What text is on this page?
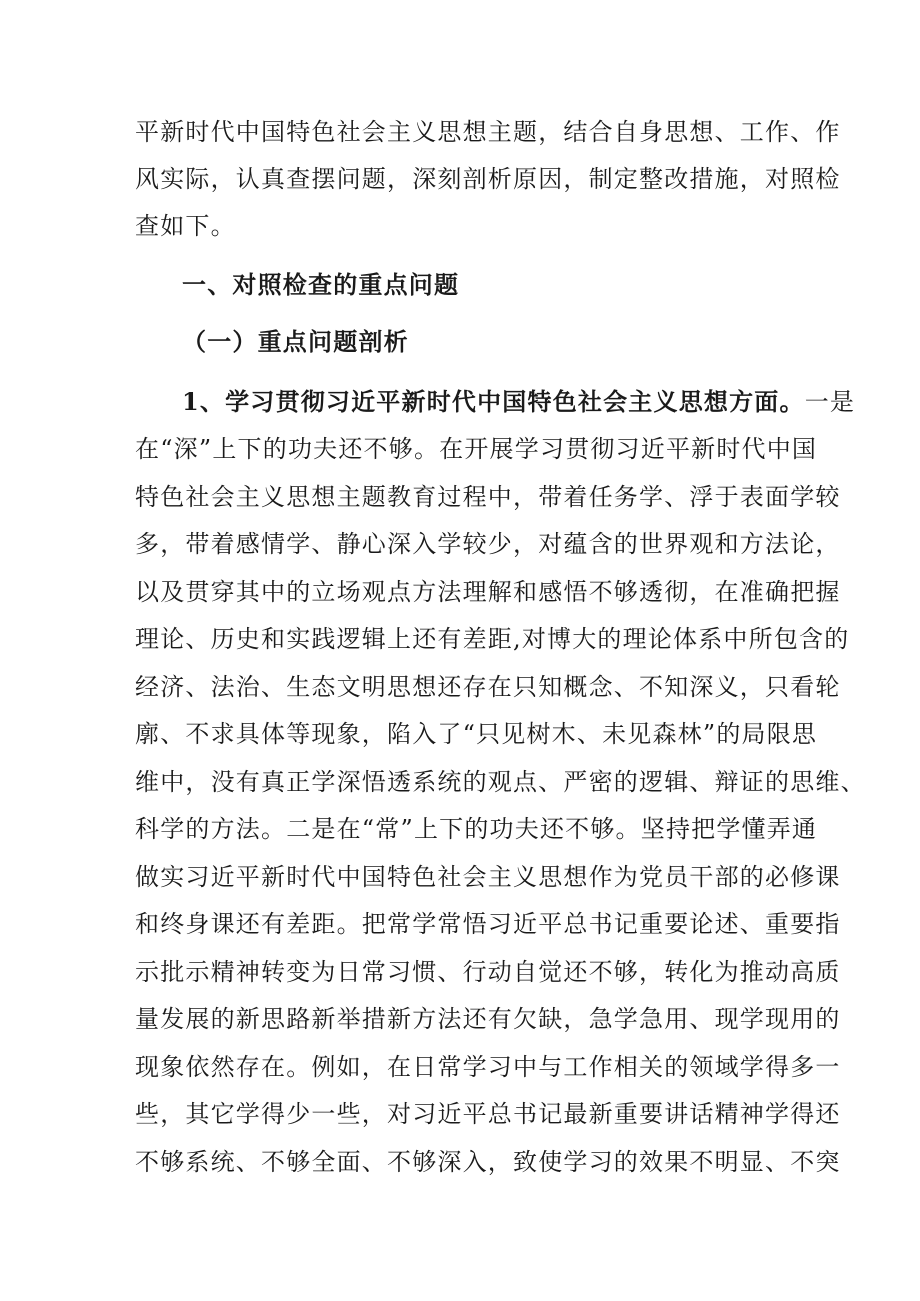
平新时代中国特色社会主义思想主题，结合自身思想、工作、作
风实际，认真查摆问题，深刻剖析原因，制定整改措施，对照检
查如下。
一、对照检查的重点问题
（一）重点问题剖析
1、学习贯彻习近平新时代中国特色社会主义思想方面。一是
在“深”上下的功夫还不够。在开展学习贯彻习近平新时代中国
特色社会主义思想主题教育过程中，带着任务学、浮于表面学较
多，带着感情学、静心深入学较少，对蕴含的世界观和方法论，
以及贯穿其中的立场观点方法理解和感悟不够透彻，在准确把握
理论、历史和实践逻辑上还有差距,对博大的理论体系中所包含的
经济、法治、生态文明思想还存在只知概念、不知深义，只看轮
廓、不求具体等现象，陷入了“只见树木、未见森林”的局限思
维中，没有真正学深悟透系统的观点、严密的逻辑、辩证的思维、
科学的方法。二是在“常”上下的功夫还不够。坚持把学懂弄通
做实习近平新时代中国特色社会主义思想作为党员干部的必修课
和终身课还有差距。把常学常悟习近平总书记重要论述、重要指
示批示精神转变为日常习惯、行动自觉还不够，转化为推动高质
量发展的新思路新举措新方法还有欠缺，急学急用、现学现用的
现象依然存在。例如，在日常学习中与工作相关的领域学得多一
些，其它学得少一些，对习近平总书记最新重要讲话精神学得还
不够系统、不够全面、不够深入，致使学习的效果不明显、不突
